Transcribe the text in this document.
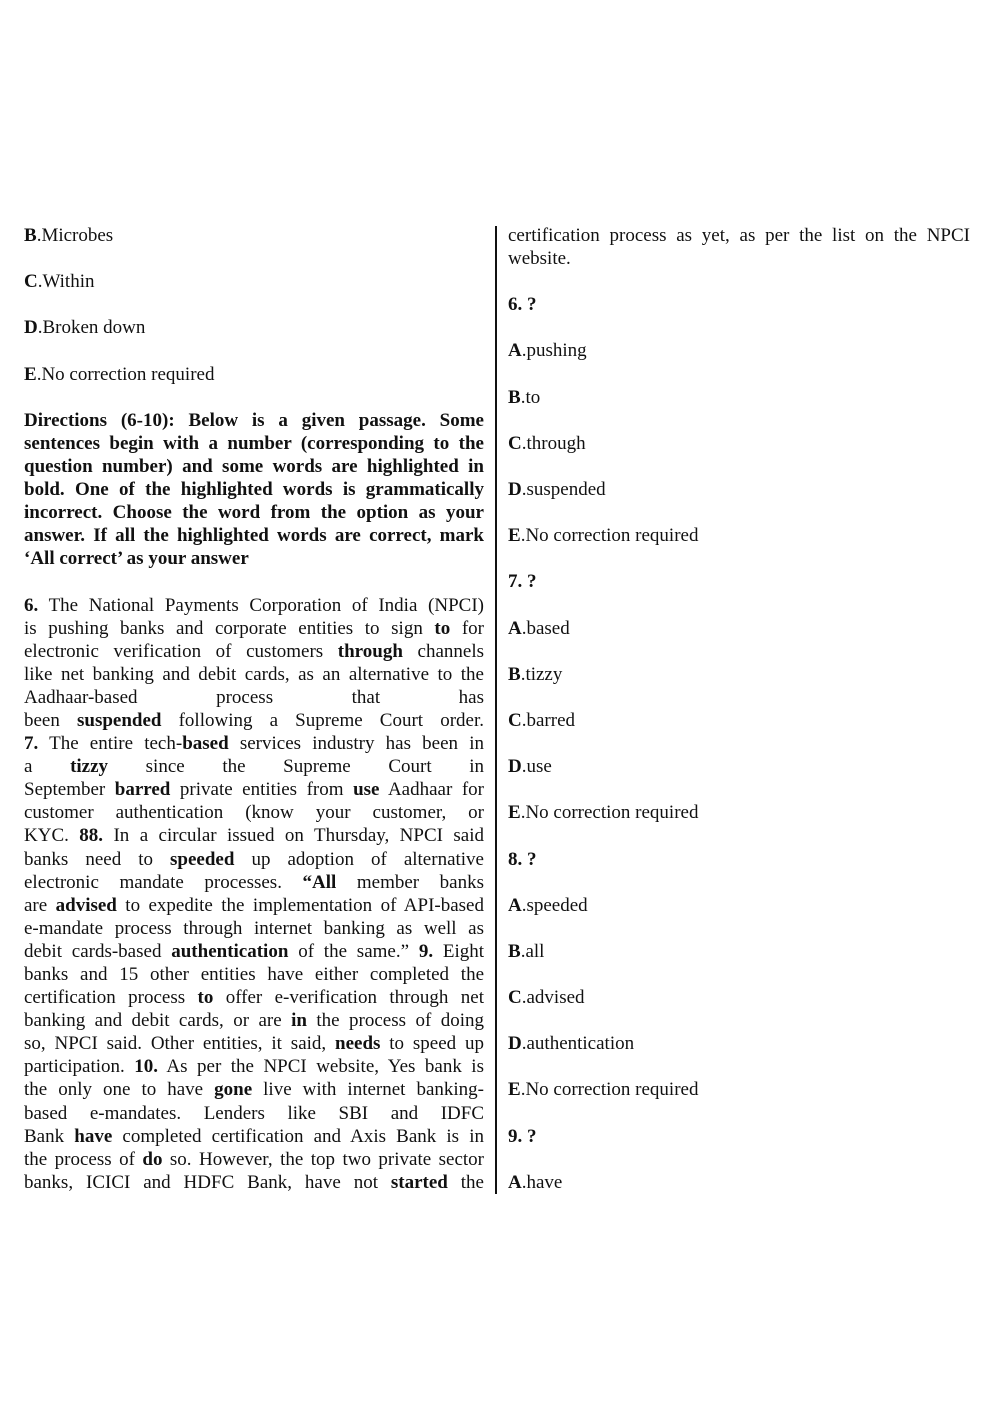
B.Microbes
C.Within
D.Broken down
E.No correction required
Directions (6-10): Below is a given passage. Some
sentences begin with a number (corresponding to the
question number) and some words are highlighted in
bold. One of the highlighted words is grammatically
incorrect. Choose the word from the option as your
answer. If all the highlighted words are correct, mark
‘All correct’ as your answer
6. The National Payments Corporation of India (NPCI)
is pushing banks and corporate entities to sign to for
electronic verification of customers through channels
like net banking and debit cards, as an alternative to the
Aadhaar-based process that has
been suspended following a Supreme Court order.
7. The entire tech-based services industry has been in
a tizzy since the Supreme Court in
September barred private entities from use Aadhaar for
customer authentication (know your customer, or
KYC. 88. In a circular issued on Thursday, NPCI said
banks need to speeded up adoption of alternative
electronic mandate processes. “All member banks
are advised to expedite the implementation of API-based
e-mandate process through internet banking as well as
debit cards-based authentication of the same.” 9. Eight
banks and 15 other entities have either completed the
certification process to offer e-verification through net
banking and debit cards, or are in the process of doing
so, NPCI said. Other entities, it said, needs to speed up
participation. 10. As per the NPCI website, Yes bank is
the only one to have gone live with internet banking-
based e-mandates. Lenders like SBI and IDFC
Bank have completed certification and Axis Bank is in
the process of do so. However, the top two private sector
banks, ICICI and HDFC Bank, have not started the
certification process as yet, as per the list on the NPCI
website.
6. ?
A.pushing
B.to
C.through
D.suspended
E.No correction required
7. ?
A.based
B.tizzy
C.barred
D.use
E.No correction required
8. ?
A.speeded
B.all
C.advised
D.authentication
E.No correction required
9. ?
A.have
